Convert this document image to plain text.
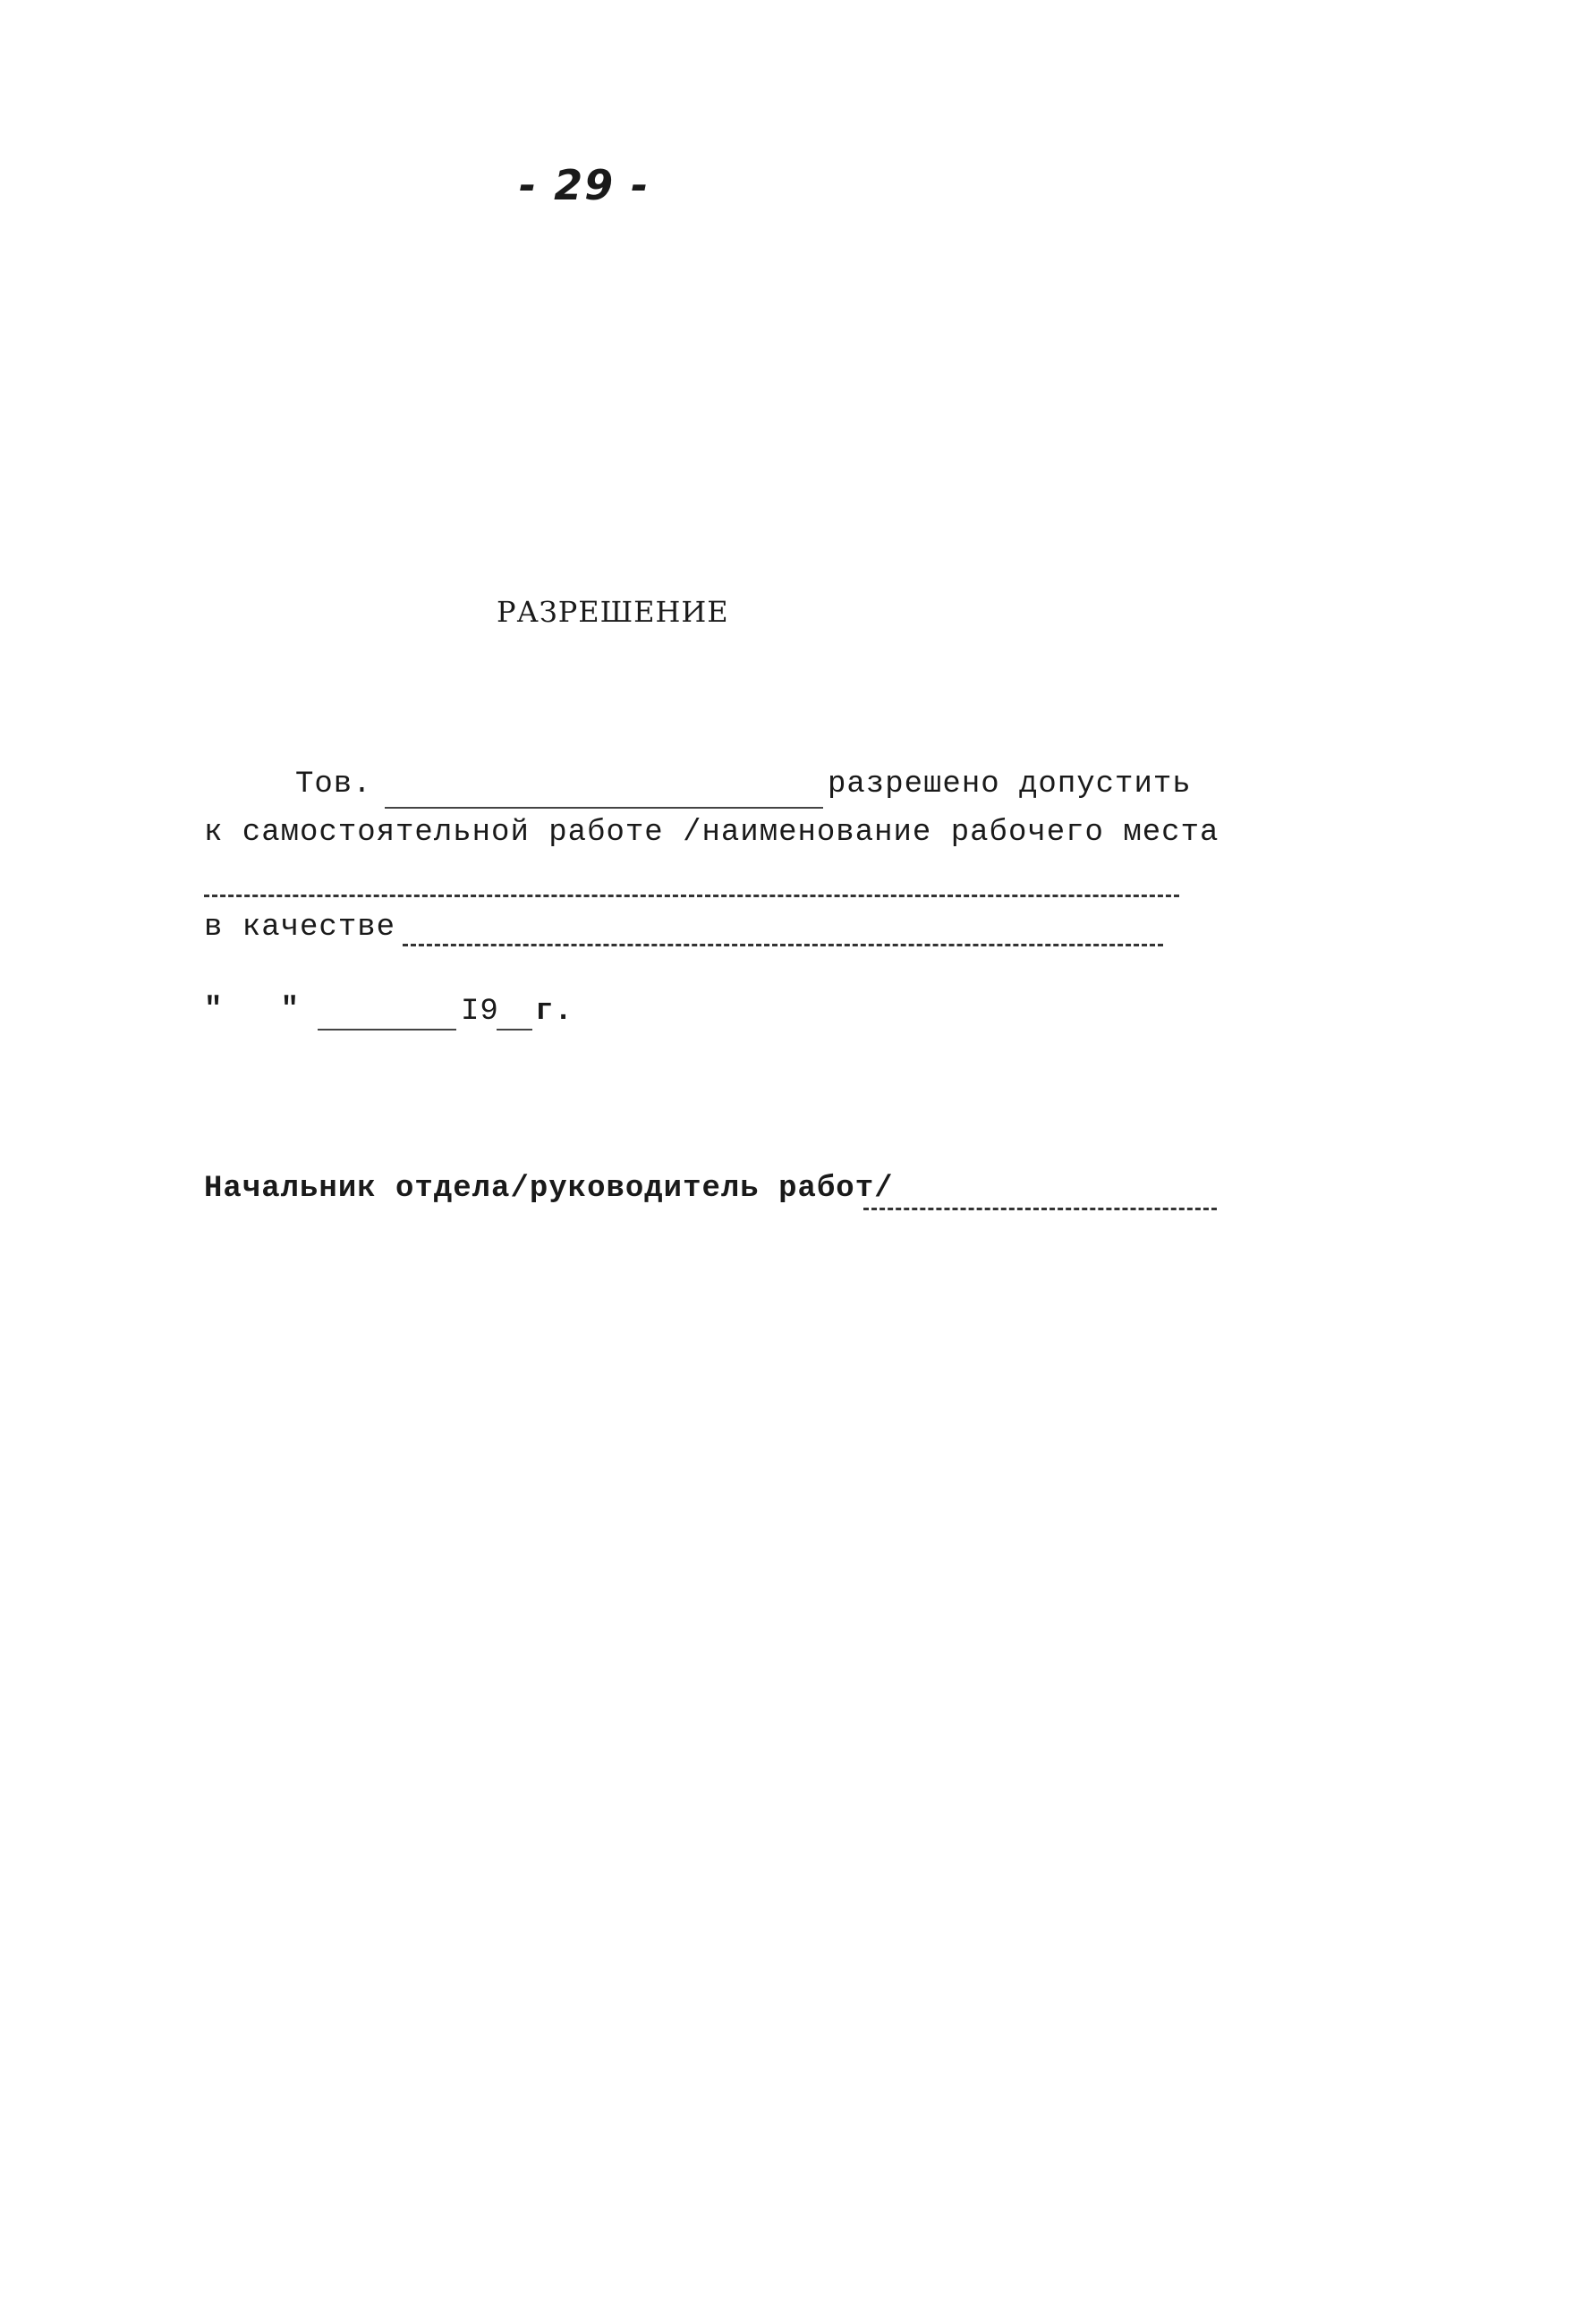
- 29 -
РАЗРЕШЕНИЕ
Тов.	разрешено допустить
к самостоятельной работе /наименование рабочего места
в качестве
"   "	I9 г.
Начальник отдела/руководитель работ/
